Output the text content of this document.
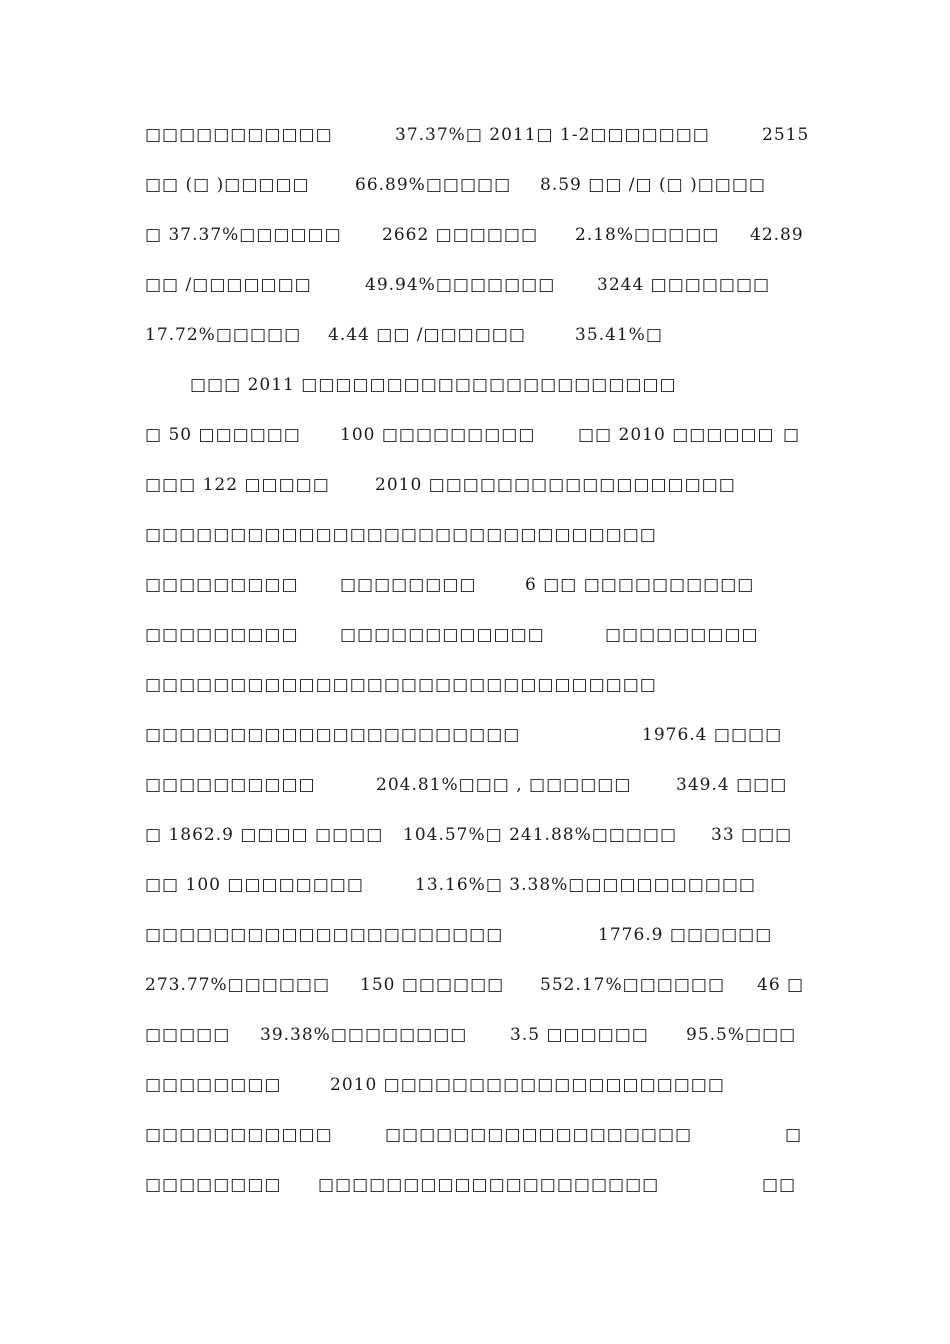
□□□□□□□□□□□	37.37%□ 2011□ 1-2□□□□□□□	2515
□□ (□ )□□□□□	66.89%□□□□□ 8.59 □□ /□ (□ )□□□□
□ 37.37%□□□□□□ 2662 □□□□□□ 2.18%□□□□□ 42.89
□□ /□□□□□□□	49.94%□□□□□□□ 3244 □□□□□□□
17.72%□□□□□ 4.44 □□ /□□□□□□	35.41%□
□□□ 2011 □□□□□□□□□□□□□□□□□□□□□□
□ 50 □□□□□□ 100 □□□□□□□□□	□□ 2010 □□□□□□ □
□□□ 122 □□□□□	2010 □□□□□□□□□□□□□□□□□□
□□□□□□□□□□□□□□□□□□□□□□□□□□□□□□
□□□□□□□□□ □□□□□□□□	6 □□ □□□□□□□□□□
□□□□□□□□□ □□□□□□□□□□□□	□□□□□□□□□
□□□□□□□□□□□□□□□□□□□□□□□□□□□□□□
□□□□□□□□□□□□□□□□□□□□□□	1976.4 □□□□
□□□□□□□□□□	204.81%□□□ , □□□□□□	349.4 □□□
□ 1862.9 □□□□ □□□□ 104.57%□ 241.88%□□□□□ 33 □□□
□□ 100 □□□□□□□□	13.16%□ 3.38%□□□□□□□□□□□
□□□□□□□□□□□□□□□□□□□□□	1776.9 □□□□□□
273.77%□□□□□□ 150 □□□□□□ 552.17%□□□□□□ 46 □
□□□□□ 39.38%□□□□□□□□	3.5 □□□□□□ 95.5%□□□
□□□□□□□□	2010 □□□□□□□□□□□□□□□□□□□□
□□□□□□□□□□□	□□□□□□□□□□□□□□□□□□	□
□□□□□□□□ □□□□□□□□□□□□□□□□□□□□	□□
